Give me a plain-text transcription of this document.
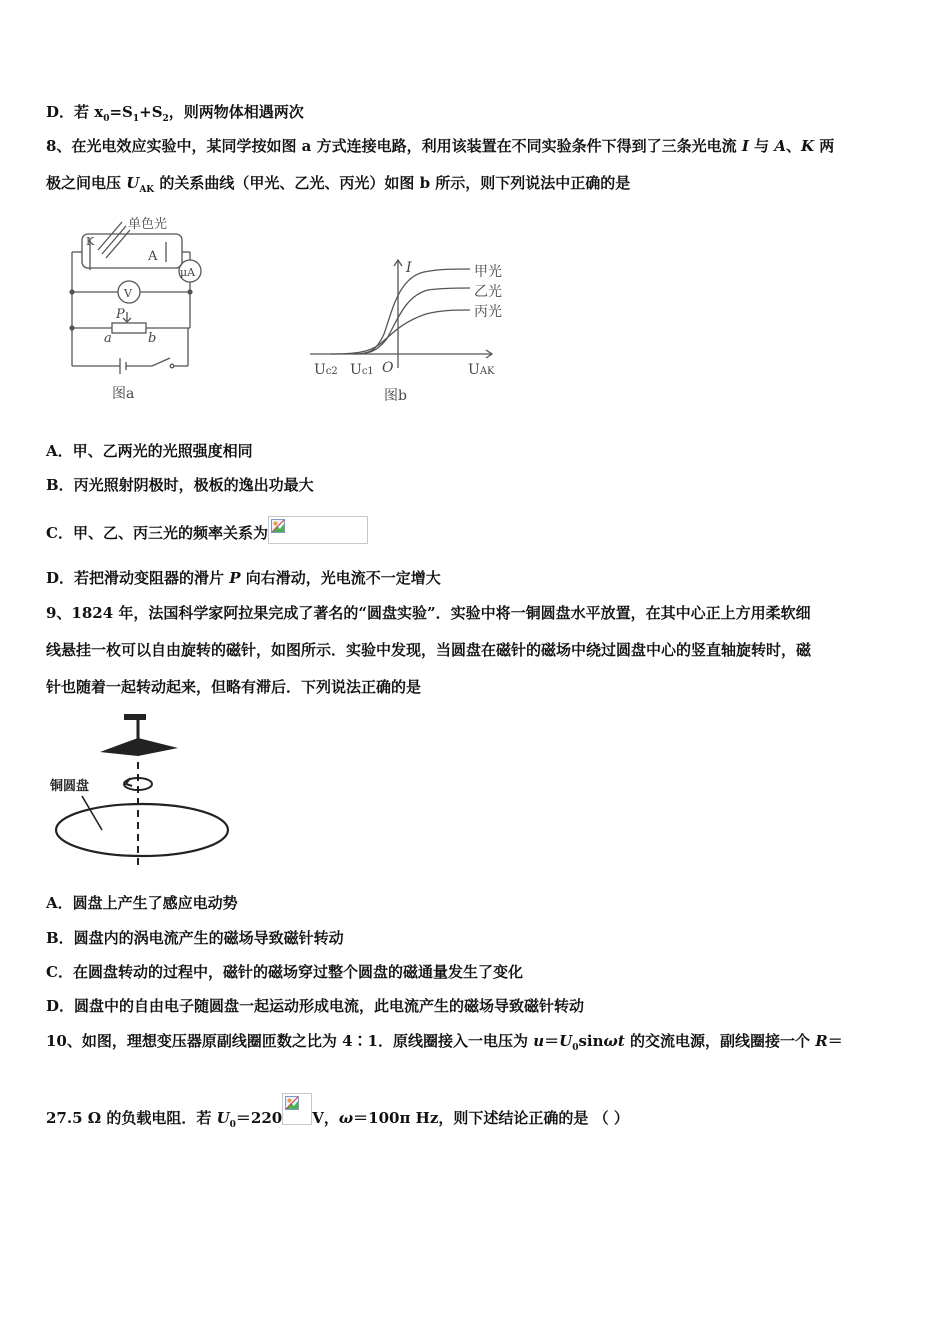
D．若 $x_0=S_1+S_2$，则两物体相遇两次
8、在光电效应实验中，某同学按如图 a 方式连接电路，利用该装置在不同实验条件下得到了三条光电流 I 与 A、K 两
极之间电压 $U_{AK}$ 的关系曲线（甲光、乙光、丙光）如图 b 所示，则下列说法中正确的是
单色光
K
A
μA
V
P
a	b
图a
I	甲光
乙光
丙光
Uc2 Uc1 O	UAK
图b
A．甲、乙两光的光照强度相同
B．丙光照射阴极时，极板的逸出功最大
C．甲、乙、丙三光的频率关系为
D．若把滑动变阻器的滑片 P 向右滑动，光电流不一定增大
9、1824 年，法国科学家阿拉果完成了著名的“圆盘实验”．实验中将一铜圆盘水平放置，在其中心正上方用柔软细
线悬挂一枚可以自由旋转的磁针，如图所示．实验中发现，当圆盘在磁针的磁场中绕过圆盘中心的竖直轴旋转时，磁
针也随着一起转动起来，但略有滞后．下列说法正确的是
铜圆盘
A．圆盘上产生了感应电动势
B．圆盘内的涡电流产生的磁场导致磁针转动
C．在圆盘转动的过程中，磁针的磁场穿过整个圆盘的磁通量发生了变化
D．圆盘中的自由电子随圆盘一起运动形成电流，此电流产生的磁场导致磁针转动
10、如图，理想变压器原副线圈匝数之比为 4∶1．原线圈接入一电压为 $u=U_0\sin\omega t$ 的交流电源，副线圈接一个 R＝
27.5 Ω 的负载电阻．若 $U_0=220$ V，ω＝100π Hz，则下述结论正确的是 （ ）
